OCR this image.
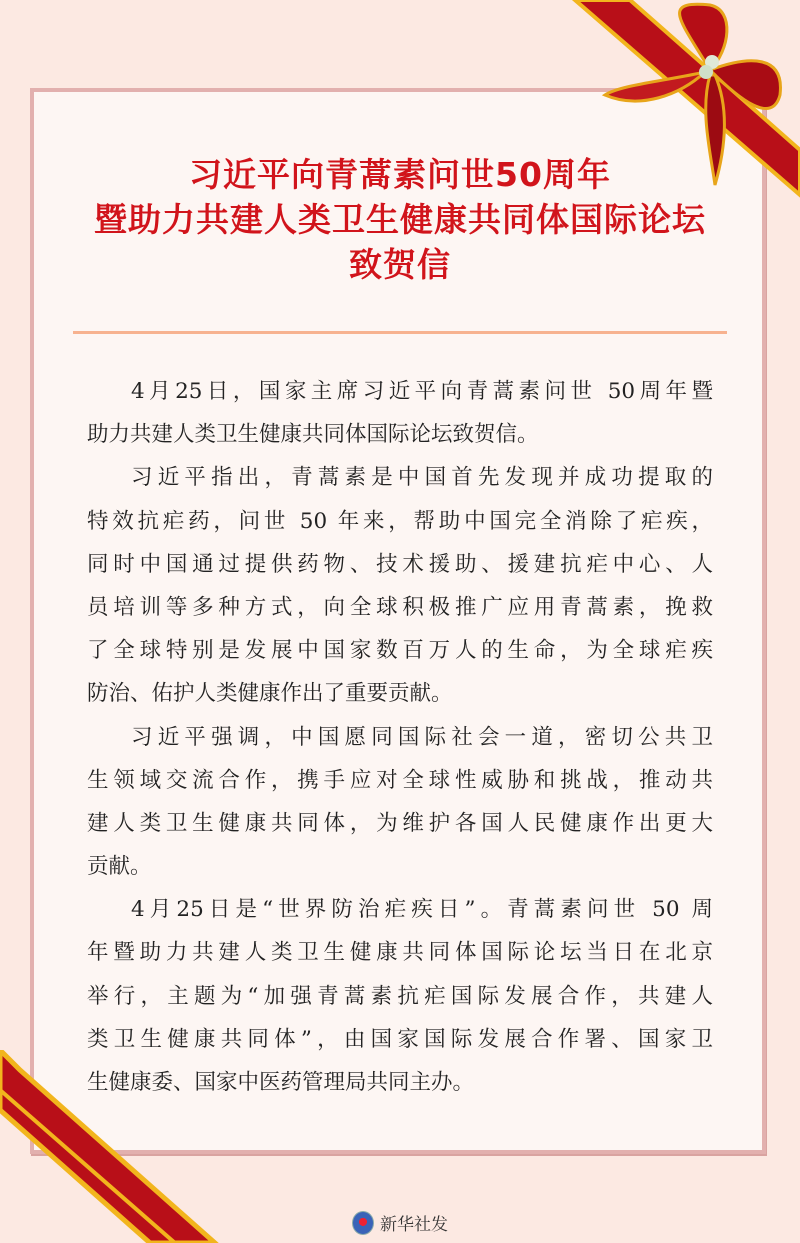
习近平向青蒿素问世50周年
暨助力共建人类卫生健康共同体国际论坛
致贺信
4月25日，国家主席习近平向青蒿素问世 50周年暨
助力共建人类卫生健康共同体国际论坛致贺信。
习近平指出，青蒿素是中国首先发现并成功提取的
特效抗疟药，问世 50 年来，帮助中国完全消除了疟疾，
同时中国通过提供药物、技术援助、援建抗疟中心、人
员培训等多种方式，向全球积极推广应用青蒿素，挽救
了全球特别是发展中国家数百万人的生命，为全球疟疾
防治、佑护人类健康作出了重要贡献。
习近平强调，中国愿同国际社会一道，密切公共卫
生领域交流合作，携手应对全球性威胁和挑战，推动共
建人类卫生健康共同体，为维护各国人民健康作出更大
贡献。
4月25日是“世界防治疟疾日”。青蒿素问世 50 周
年暨助力共建人类卫生健康共同体国际论坛当日在北京
举行，主题为“加强青蒿素抗疟国际发展合作，共建人
类卫生健康共同体”，由国家国际发展合作署、国家卫
生健康委、国家中医药管理局共同主办。
新华社发
